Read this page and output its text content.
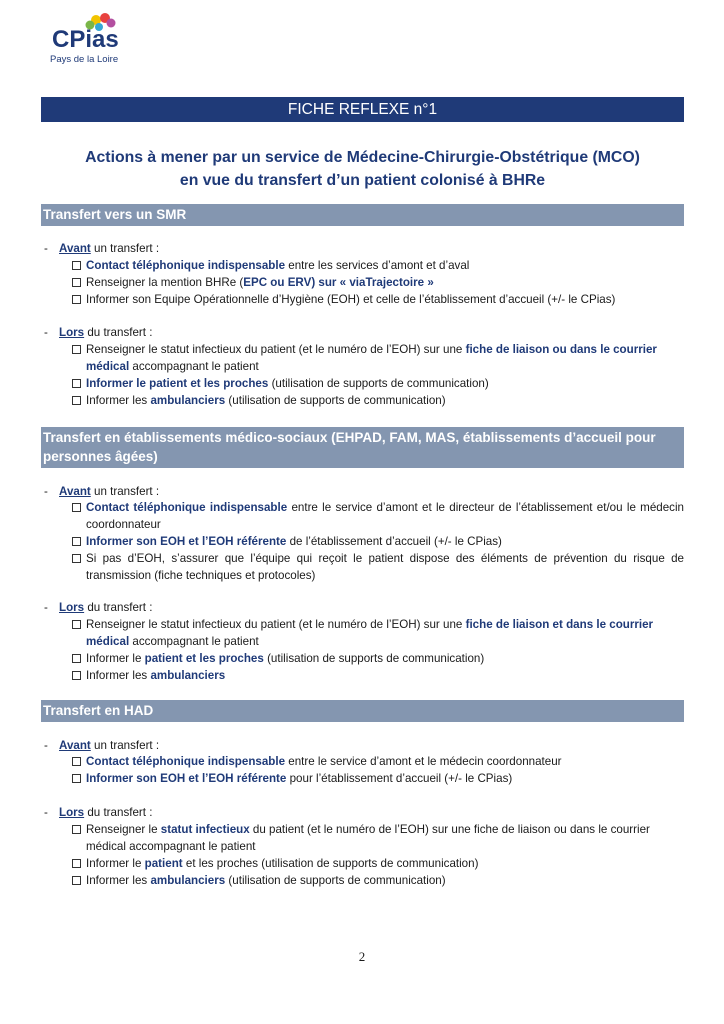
CPias
Pays de la Loire
FICHE REFLEXE n°1
Actions à mener par un service de Médecine-Chirurgie-Obstétrique (MCO)
en vue du transfert d’un patient colonisé à BHRe
Transfert vers un SMR
- Avant un transfert :
Contact téléphonique indispensable entre les services d’amont et d’aval
Renseigner la mention BHRe (EPC ou ERV) sur « viaTrajectoire »
Informer son Equipe Opérationnelle d’Hygiène (EOH) et celle de l’établissement d’accueil (+/- le CPias)
- Lors du transfert :
Renseigner le statut infectieux du patient (et le numéro de l’EOH) sur une fiche de liaison ou dans le courrier médical accompagnant le patient
Informer le patient et les proches (utilisation de supports de communication)
Informer les ambulanciers (utilisation de supports de communication)
Transfert en établissements médico-sociaux (EHPAD, FAM, MAS, établissements d’accueil pour personnes âgées)
- Avant un transfert :
Contact téléphonique indispensable entre le service d’amont et le directeur de l’établissement et/ou le médecin coordonnateur
Informer son EOH et l’EOH référente de l’établissement d’accueil (+/- le CPias)
Si pas d’EOH, s’assurer que l’équipe qui reçoit le patient dispose des éléments de prévention du risque de transmission (fiche techniques et protocoles)
- Lors du transfert :
Renseigner le statut infectieux du patient (et le numéro de l’EOH) sur une fiche de liaison et dans le courrier médical accompagnant le patient
Informer le patient et les proches (utilisation de supports de communication)
Informer les ambulanciers
Transfert en HAD
- Avant un transfert :
Contact téléphonique indispensable entre le service d’amont et le médecin coordonnateur
Informer son EOH et l’EOH référente pour l’établissement d’accueil (+/- le CPias)
- Lors du transfert :
Renseigner le statut infectieux du patient (et le numéro de l’EOH) sur une fiche de liaison ou dans le courrier médical accompagnant le patient
Informer le patient et les proches (utilisation de supports de communication)
Informer les ambulanciers (utilisation de supports de communication)
2
